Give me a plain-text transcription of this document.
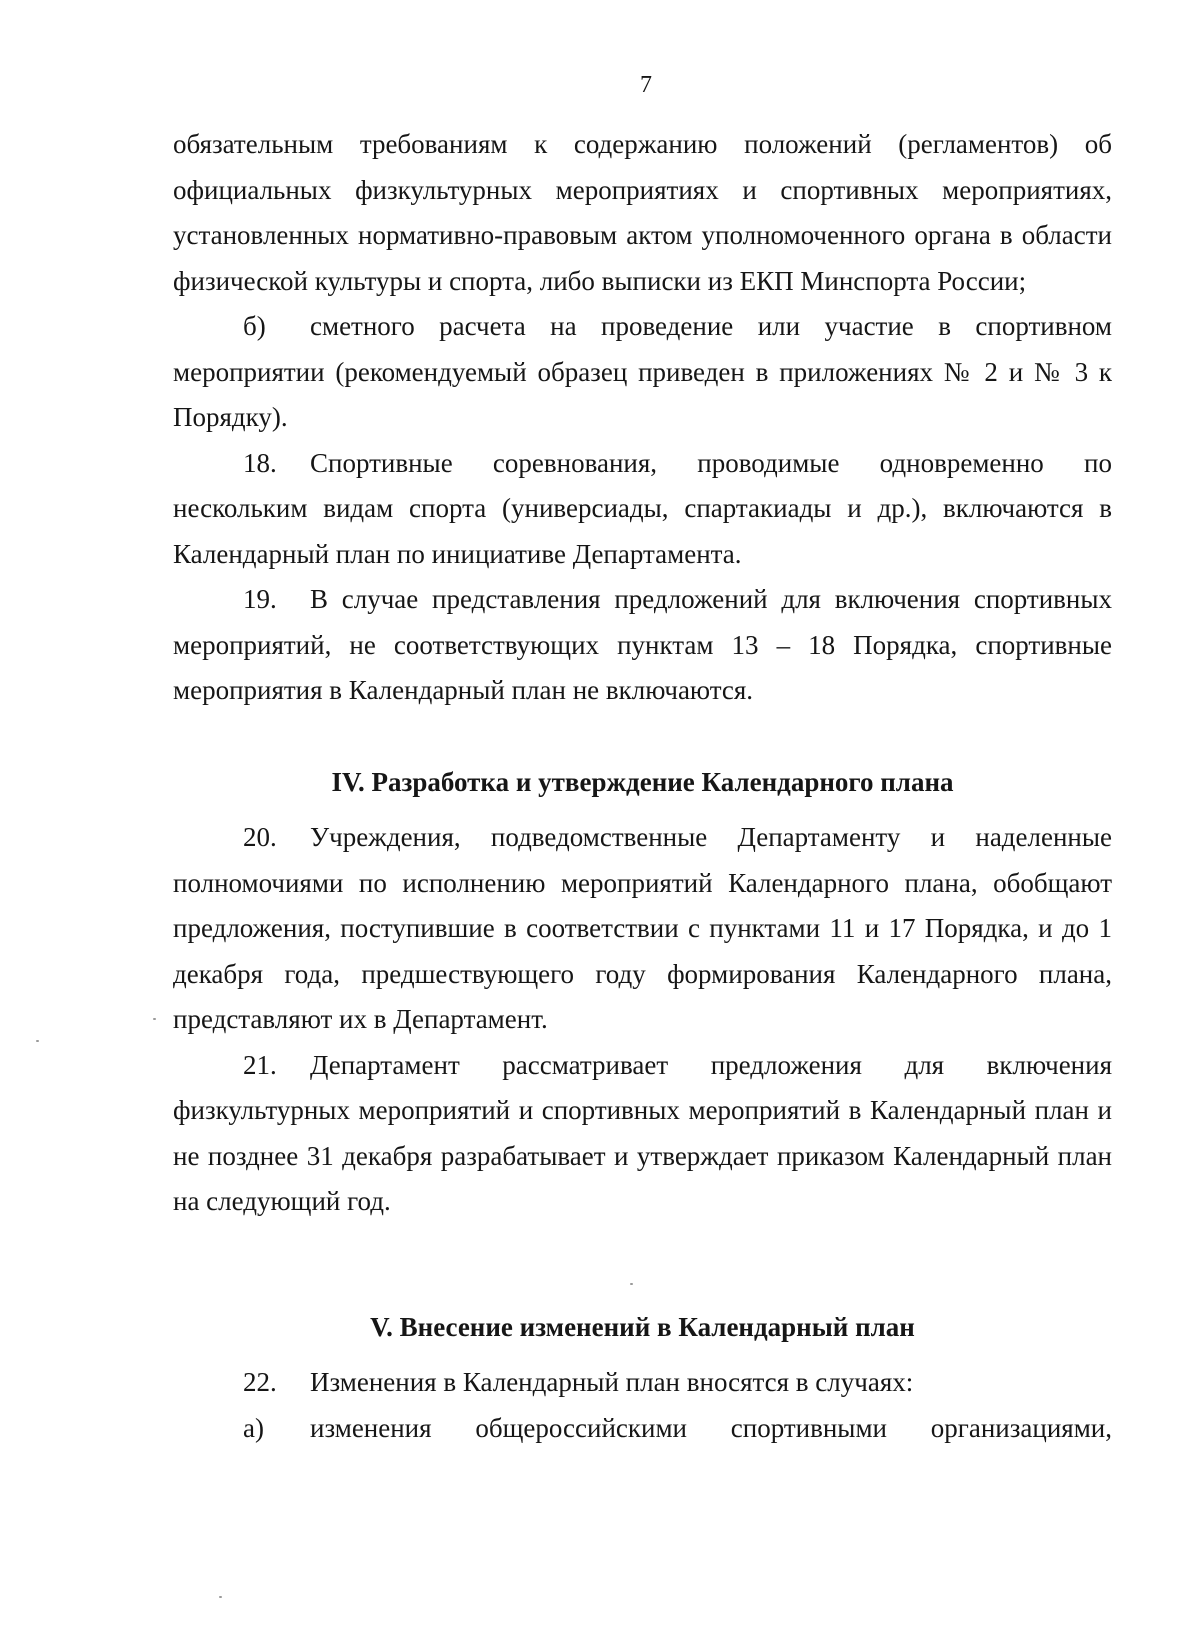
7

обязательным требованиям к содержанию положений (регламентов) об официальных физкультурных мероприятиях и спортивных мероприятиях, установленных нормативно-правовым актом уполномоченного органа в области физической культуры и спорта, либо выписки из ЕКП Минспорта России;

б) сметного расчета на проведение или участие в спортивном мероприятии (рекомендуемый образец приведен в приложениях № 2 и № 3 к Порядку).

18. Спортивные соревнования, проводимые одновременно по нескольким видам спорта (универсиады, спартакиады и др.), включаются в Календарный план по инициативе Департамента.

19. В случае представления предложений для включения спортивных мероприятий, не соответствующих пунктам 13 – 18 Порядка, спортивные мероприятия в Календарный план не включаются.

IV. Разработка и утверждение Календарного плана

20. Учреждения, подведомственные Департаменту и наделенные полномочиями по исполнению мероприятий Календарного плана, обобщают предложения, поступившие в соответствии с пунктами 11 и 17 Порядка, и до 1 декабря года, предшествующего году формирования Календарного плана, представляют их в Департамент.

21. Департамент рассматривает предложения для включения физкультурных мероприятий и спортивных мероприятий в Календарный план и не позднее 31 декабря разрабатывает и утверждает приказом Календарный план на следующий год.

V. Внесение изменений в Календарный план

22. Изменения в Календарный план вносятся в случаях:

а) изменения общероссийскими спортивными организациями,
